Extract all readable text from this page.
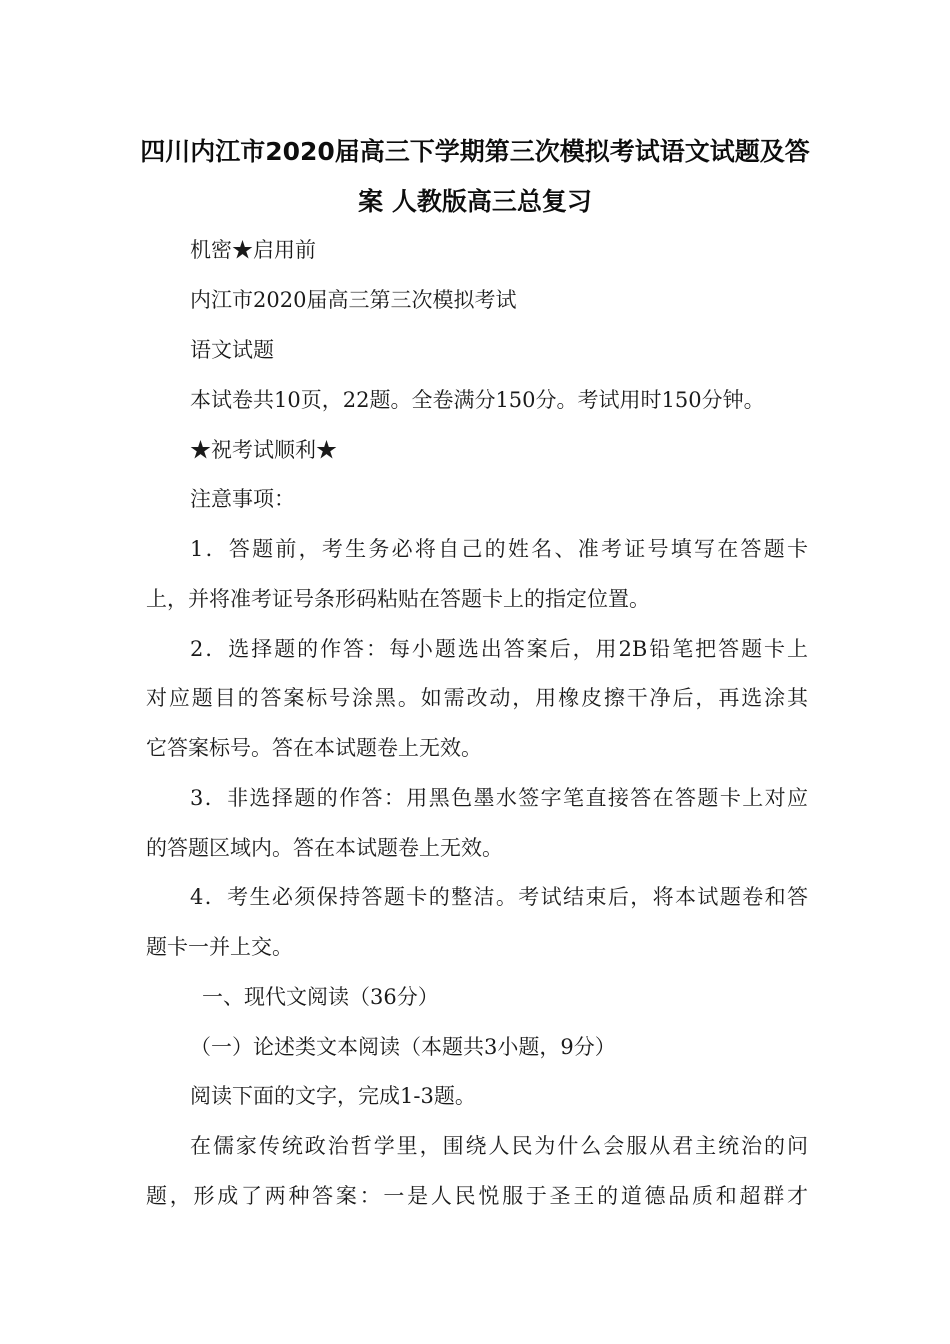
四川内江市2020届高三下学期第三次模拟考试语文试题及答
案 人教版高三总复习
机密★启用前
内江市2020届高三第三次模拟考试
语文试题
本试卷共10页，22题。全卷满分150分。考试用时150分钟。
★祝考试顺利★
注意事项：
1．答题前，考生务必将自己的姓名、准考证号填写在答题卡
上，并将准考证号条形码粘贴在答题卡上的指定位置。
2．选择题的作答：每小题选出答案后，用2B铅笔把答题卡上
对应题目的答案标号涂黑。如需改动，用橡皮擦干净后，再选涂其
它答案标号。答在本试题卷上无效。
3．非选择题的作答：用黑色墨水签字笔直接答在答题卡上对应
的答题区域内。答在本试题卷上无效。
4．考生必须保持答题卡的整洁。考试结束后，将本试题卷和答
题卡一并上交。
一、现代文阅读（36分）
（一）论述类文本阅读（本题共3小题，9分）
阅读下面的文字，完成1-3题。
在儒家传统政治哲学里，围绕人民为什么会服从君主统治的问
题，形成了两种答案：一是人民悦服于圣王的道德品质和超群才
